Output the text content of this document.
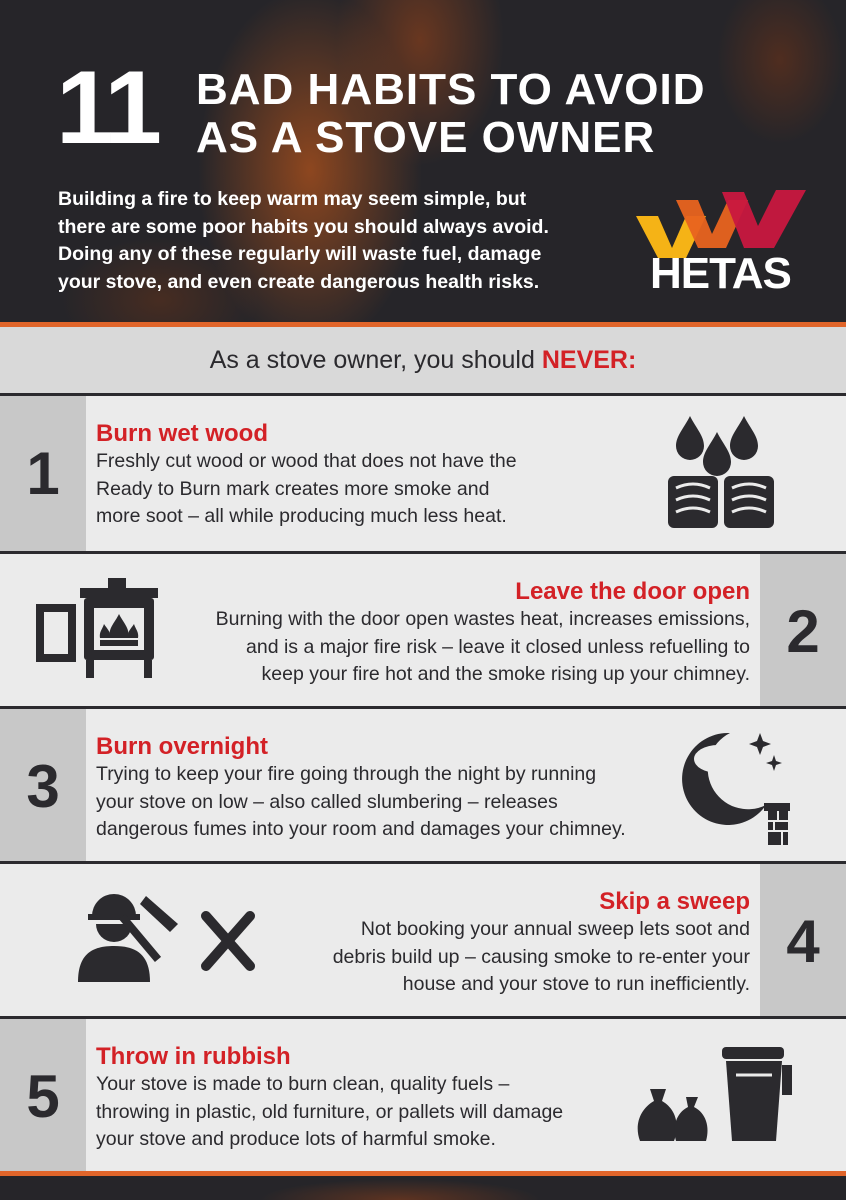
11 BAD HABITS TO AVOID
AS A STOVE OWNER
Building a fire to keep warm may seem simple, but
there are some poor habits you should always avoid.
Doing any of these regularly will waste fuel, damage
your stove, and even create dangerous health risks.	HETAS
As a stove owner, you should NEVER:
1
Burn wet wood
Freshly cut wood or wood that does not have the
Ready to Burn mark creates more smoke and
more soot – all while producing much less heat.
2
Leave the door open
Burning with the door open wastes heat, increases emissions,
and is a major fire risk – leave it closed unless refuelling to
keep your fire hot and the smoke rising up your chimney.
3
Burn overnight
Trying to keep your fire going through the night by running
your stove on low – also called slumbering – releases
dangerous fumes into your room and damages your chimney.
4
Skip a sweep
Not booking your annual sweep lets soot and
debris build up – causing smoke to re-enter your
house and your stove to run inefficiently.
5
Throw in rubbish
Your stove is made to burn clean, quality fuels –
throwing in plastic, old furniture, or pallets will damage
your stove and produce lots of harmful smoke.
